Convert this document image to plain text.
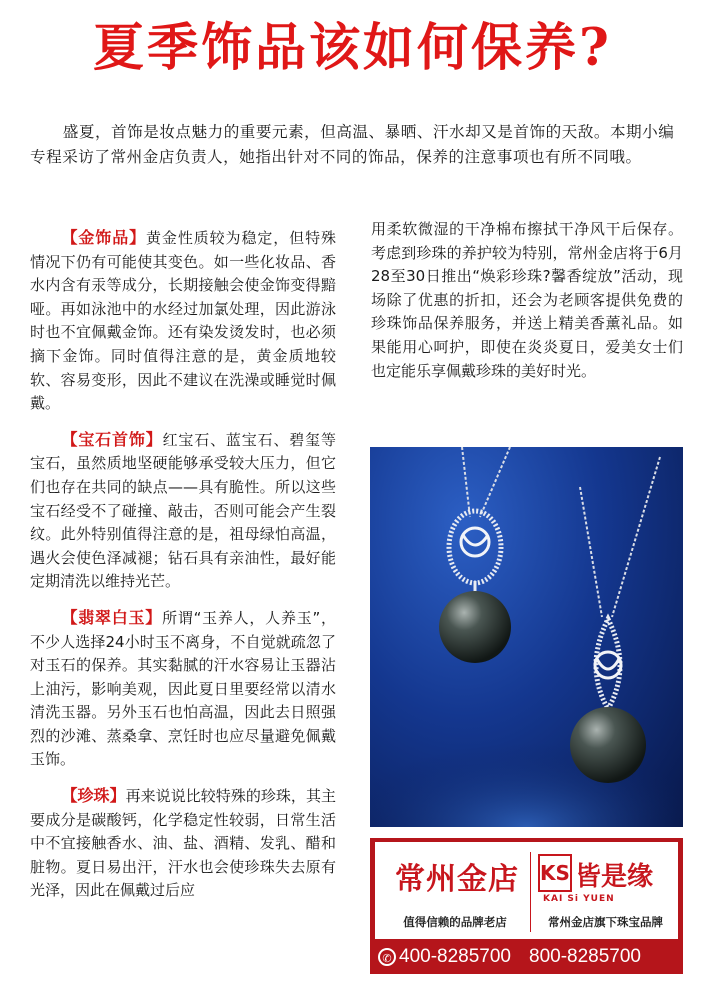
夏季饰品该如何保养?

盛夏，首饰是妆点魅力的重要元素，但高温、暴晒、汗水却又是首饰的天敌。本期小编专程采访了常州金店负责人，她指出针对不同的饰品，保养的注意事项也有所不同哦。

【金饰品】黄金性质较为稳定，但特殊情况下仍有可能使其变色。如一些化妆品、香水内含有汞等成分，长期接触会使金饰变得黯哑。再如泳池中的水经过加氯处理，因此游泳时也不宜佩戴金饰。还有染发烫发时，也必须摘下金饰。同时值得注意的是，黄金质地较软、容易变形，因此不建议在洗澡或睡觉时佩戴。

【宝石首饰】红宝石、蓝宝石、碧玺等宝石，虽然质地坚硬能够承受较大压力，但它们也存在共同的缺点——具有脆性。所以这些宝石经受不了碰撞、敲击，否则可能会产生裂纹。此外特别值得注意的是，祖母绿怕高温，遇火会使色泽减褪；钻石具有亲油性，最好能定期清洗以维持光芒。

【翡翠白玉】所谓“玉养人，人养玉”，不少人选择24小时玉不离身，不自觉就疏忽了对玉石的保养。其实黏腻的汗水容易让玉器沾上油污，影响美观，因此夏日里要经常以清水清洗玉器。另外玉石也怕高温，因此去日照强烈的沙滩、蒸桑拿、烹饪时也应尽量避免佩戴玉饰。

【珍珠】再来说说比较特殊的珍珠，其主要成分是碳酸钙，化学稳定性较弱，日常生活中不宜接触香水、油、盐、酒精、发乳、醋和脏物。夏日易出汗，汗水也会使珍珠失去原有光泽，因此在佩戴过后应

用柔软微湿的干净棉布擦拭干净风干后保存。考虑到珍珠的养护较为特别，常州金店将于6月28至30日推出“焕彩珍珠?馨香绽放”活动，现场除了优惠的折扣，还会为老顾客提供免费的珍珠饰品保养服务，并送上精美香薰礼品。如果能用心呵护，即使在炎炎夏日，爱美女士们也定能乐享佩戴珍珠的美好时光。

常州金店	KS 皆是缘
KAI Si YUEN
值得信赖的品牌老店	常州金店旗下珠宝品牌
✆ 400-8285700 800-8285700
